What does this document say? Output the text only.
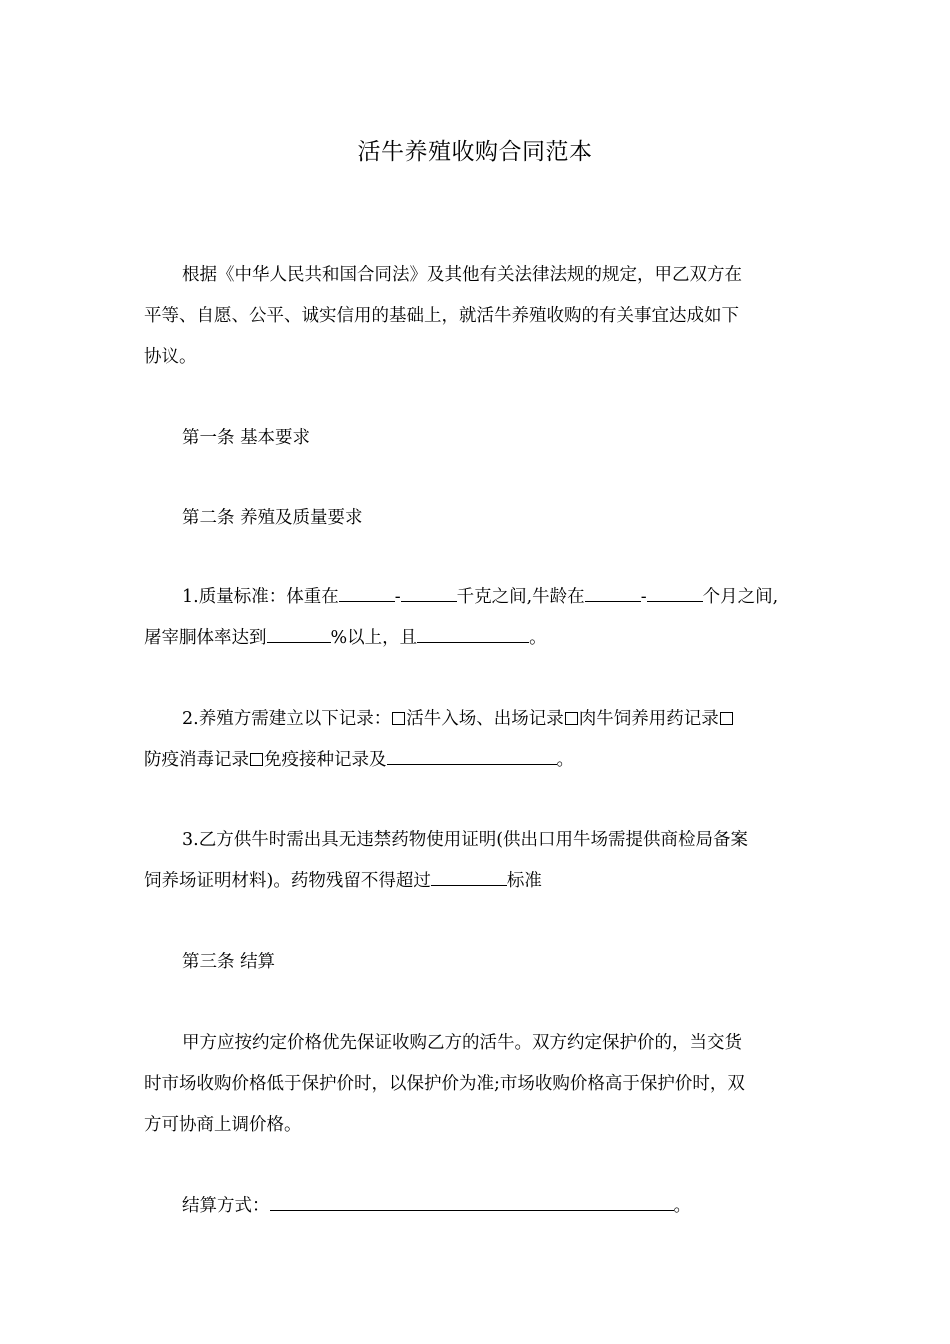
活牛养殖收购合同范本
根据《中华人民共和国合同法》及其他有关法律法规的规定，甲乙双方在
平等、自愿、公平、诚实信用的基础上，就活牛养殖收购的有关事宜达成如下
协议。
第一条 基本要求
第二条 养殖及质量要求
1.质量标准：体重在	-	千克之间,牛龄在	-	个月之间,
屠宰胴体率达到	%以上，且	。
2.养殖方需建立以下记录： 活牛入场、出场记录 肉牛饲养用药记录
防疫消毒记录 免疫接种记录及	。
3.乙方供牛时需出具无违禁药物使用证明(供出口用牛场需提供商检局备案
饲养场证明材料)。药物残留不得超过	标准
第三条 结算
甲方应按约定价格优先保证收购乙方的活牛。双方约定保护价的，当交货
时市场收购价格低于保护价时，以保护价为准;市场收购价格高于保护价时，双
方可协商上调价格。
结算方式：	。
